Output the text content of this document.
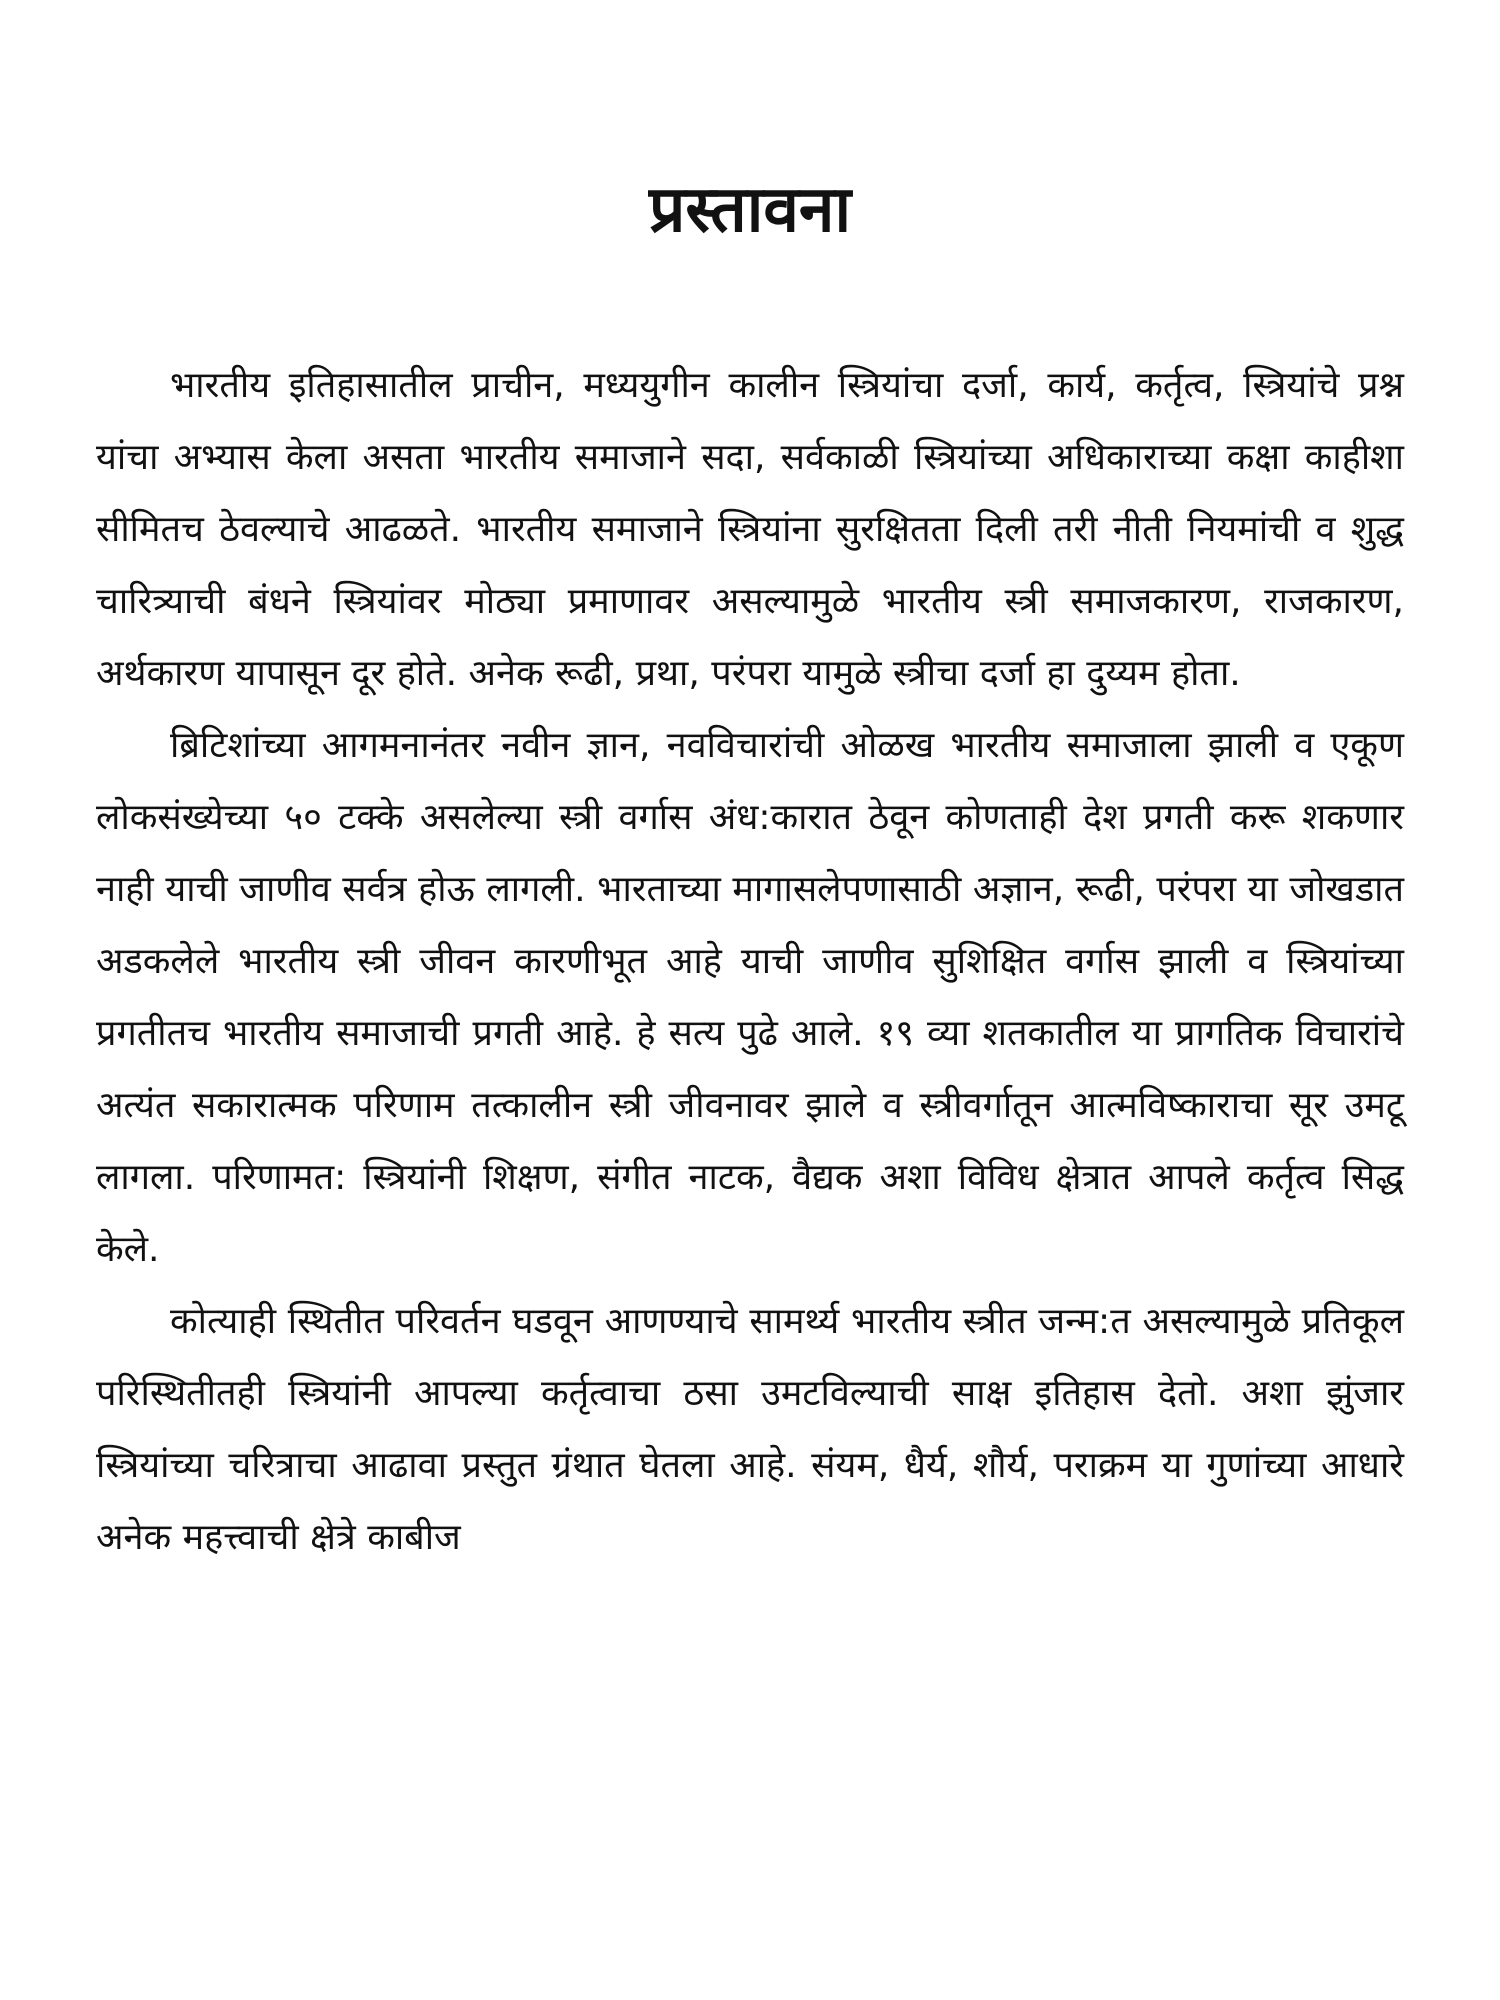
प्रस्तावना

भारतीय इतिहासातील प्राचीन, मध्ययुगीन कालीन स्त्रियांचा दर्जा, कार्य, कर्तृत्व, स्त्रियांचे प्रश्न यांचा अभ्यास केला असता भारतीय समाजाने सदा, सर्वकाळी स्त्रियांच्या अधिकाराच्या कक्षा काहीशा सीमितच ठेवल्याचे आढळते. भारतीय समाजाने स्त्रियांना सुरक्षितता दिली तरी नीती नियमांची व शुद्ध चारित्र्याची बंधने स्त्रियांवर मोठ्या प्रमाणावर असल्यामुळे भारतीय स्त्री समाजकारण, राजकारण, अर्थकारण यापासून दूर होते. अनेक रूढी, प्रथा, परंपरा यामुळे स्त्रीचा दर्जा हा दुय्यम होता.

ब्रिटिशांच्या आगमनानंतर नवीन ज्ञान, नवविचारांची ओळख भारतीय समाजाला झाली व एकूण लोकसंख्येच्या ५० टक्के असलेल्या स्त्री वर्गास अंध:कारात ठेवून कोणताही देश प्रगती करू शकणार नाही याची जाणीव सर्वत्र होऊ लागली. भारताच्या मागासलेपणासाठी अज्ञान, रूढी, परंपरा या जोखडात अडकलेले भारतीय स्त्री जीवन कारणीभूत आहे याची जाणीव सुशिक्षित वर्गास झाली व स्त्रियांच्या प्रगतीतच भारतीय समाजाची प्रगती आहे. हे सत्य पुढे आले. १९ व्या शतकातील या प्रागतिक विचारांचे अत्यंत सकारात्मक परिणाम तत्कालीन स्त्री जीवनावर झाले व स्त्रीवर्गातून आत्मविष्काराचा सूर उमटू लागला. परिणामत: स्त्रियांनी शिक्षण, संगीत नाटक, वैद्यक अशा विविध क्षेत्रात आपले कर्तृत्व सिद्ध केले.

कोत्याही स्थितीत परिवर्तन घडवून आणण्याचे सामर्थ्य भारतीय स्त्रीत जन्म:त असल्यामुळे प्रतिकूल परिस्थितीतही स्त्रियांनी आपल्या कर्तृत्वाचा ठसा उमटविल्याची साक्ष इतिहास देतो. अशा झुंजार स्त्रियांच्या चरित्राचा आढावा प्रस्तुत ग्रंथात घेतला आहे. संयम, धैर्य, शौर्य, पराक्रम या गुणांच्या आधारे अनेक महत्त्वाची क्षेत्रे काबीज
